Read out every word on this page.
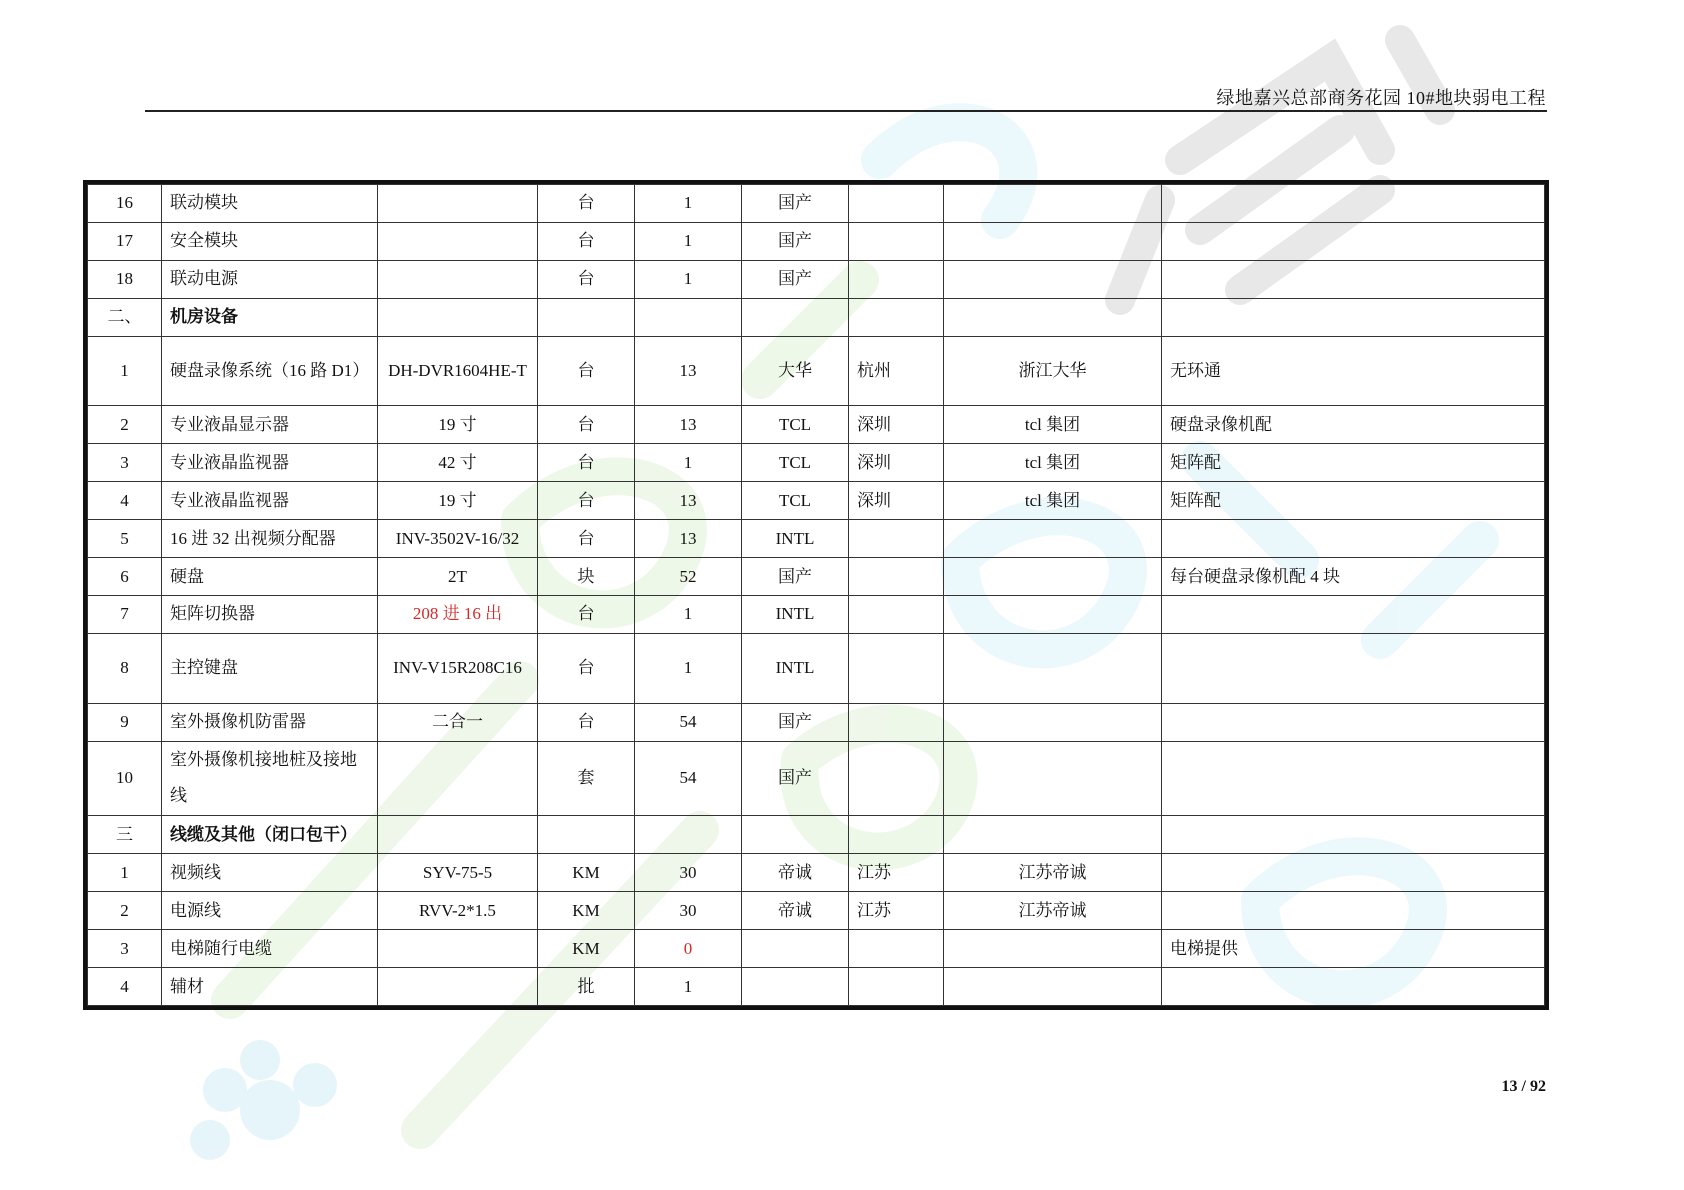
绿地嘉兴总部商务花园 10#地块弱电工程
16	联动模块		台	1	国产			
17	安全模块		台	1	国产			
18	联动电源		台	1	国产			
二、	机房设备							
1	硬盘录像系统（16 路 D1）	DH-DVR1604HE-T	台	13	大华	杭州	浙江大华	无环通
2	专业液晶显示器	19 寸	台	13	TCL	深圳	tcl 集团	硬盘录像机配
3	专业液晶监视器	42 寸	台	1	TCL	深圳	tcl 集团	矩阵配
4	专业液晶监视器	19 寸	台	13	TCL	深圳	tcl 集团	矩阵配
5	16 进 32 出视频分配器	INV-3502V-16/32	台	13	INTL			
6	硬盘	2T	块	52	国产			每台硬盘录像机配 4 块
7	矩阵切换器	208 进 16 出	台	1	INTL			
8	主控键盘	INV-V15R208C16	台	1	INTL			
9	室外摄像机防雷器	二合一	台	54	国产			
10	室外摄像机接地桩及接地线		套	54	国产			
三	线缆及其他（闭口包干）							
1	视频线	SYV-75-5	KM	30	帝诚	江苏	江苏帝诚	
2	电源线	RVV-2*1.5	KM	30	帝诚	江苏	江苏帝诚	
3	电梯随行电缆		KM	0				电梯提供
4	辅材		批	1				
13 / 92
